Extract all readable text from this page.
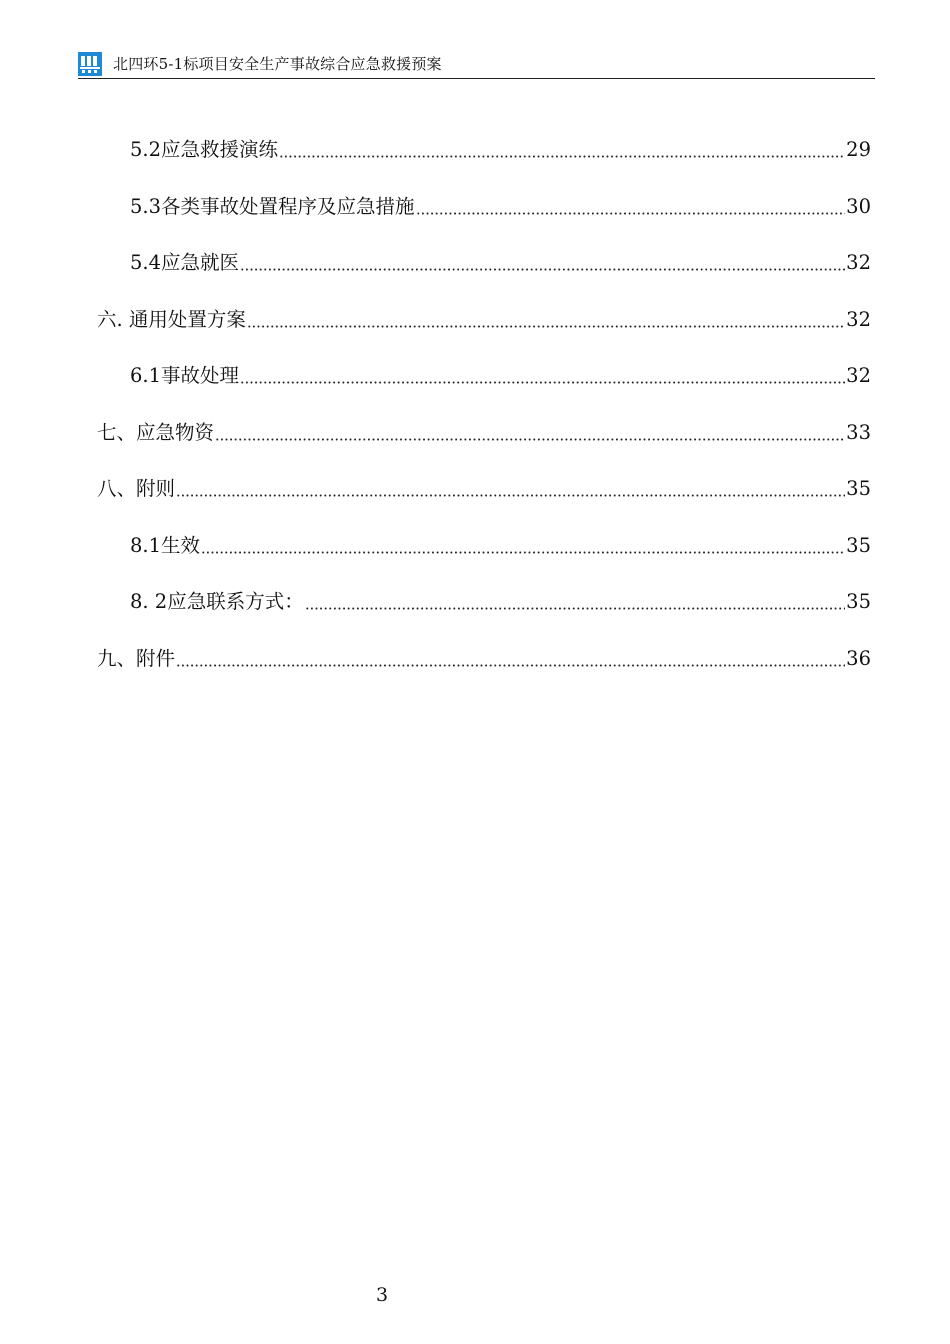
北四环5-1标项目安全生产事故综合应急救援预案
5.2应急救援演练	29
5.3各类事故处置程序及应急措施	30
5.4应急就医	32
六. 通用处置方案	32
6.1事故处理	32
七、应急物资	33
八、附则	35
8.1生效	35
8. 2应急联系方式：	35
九、附件	36
3
